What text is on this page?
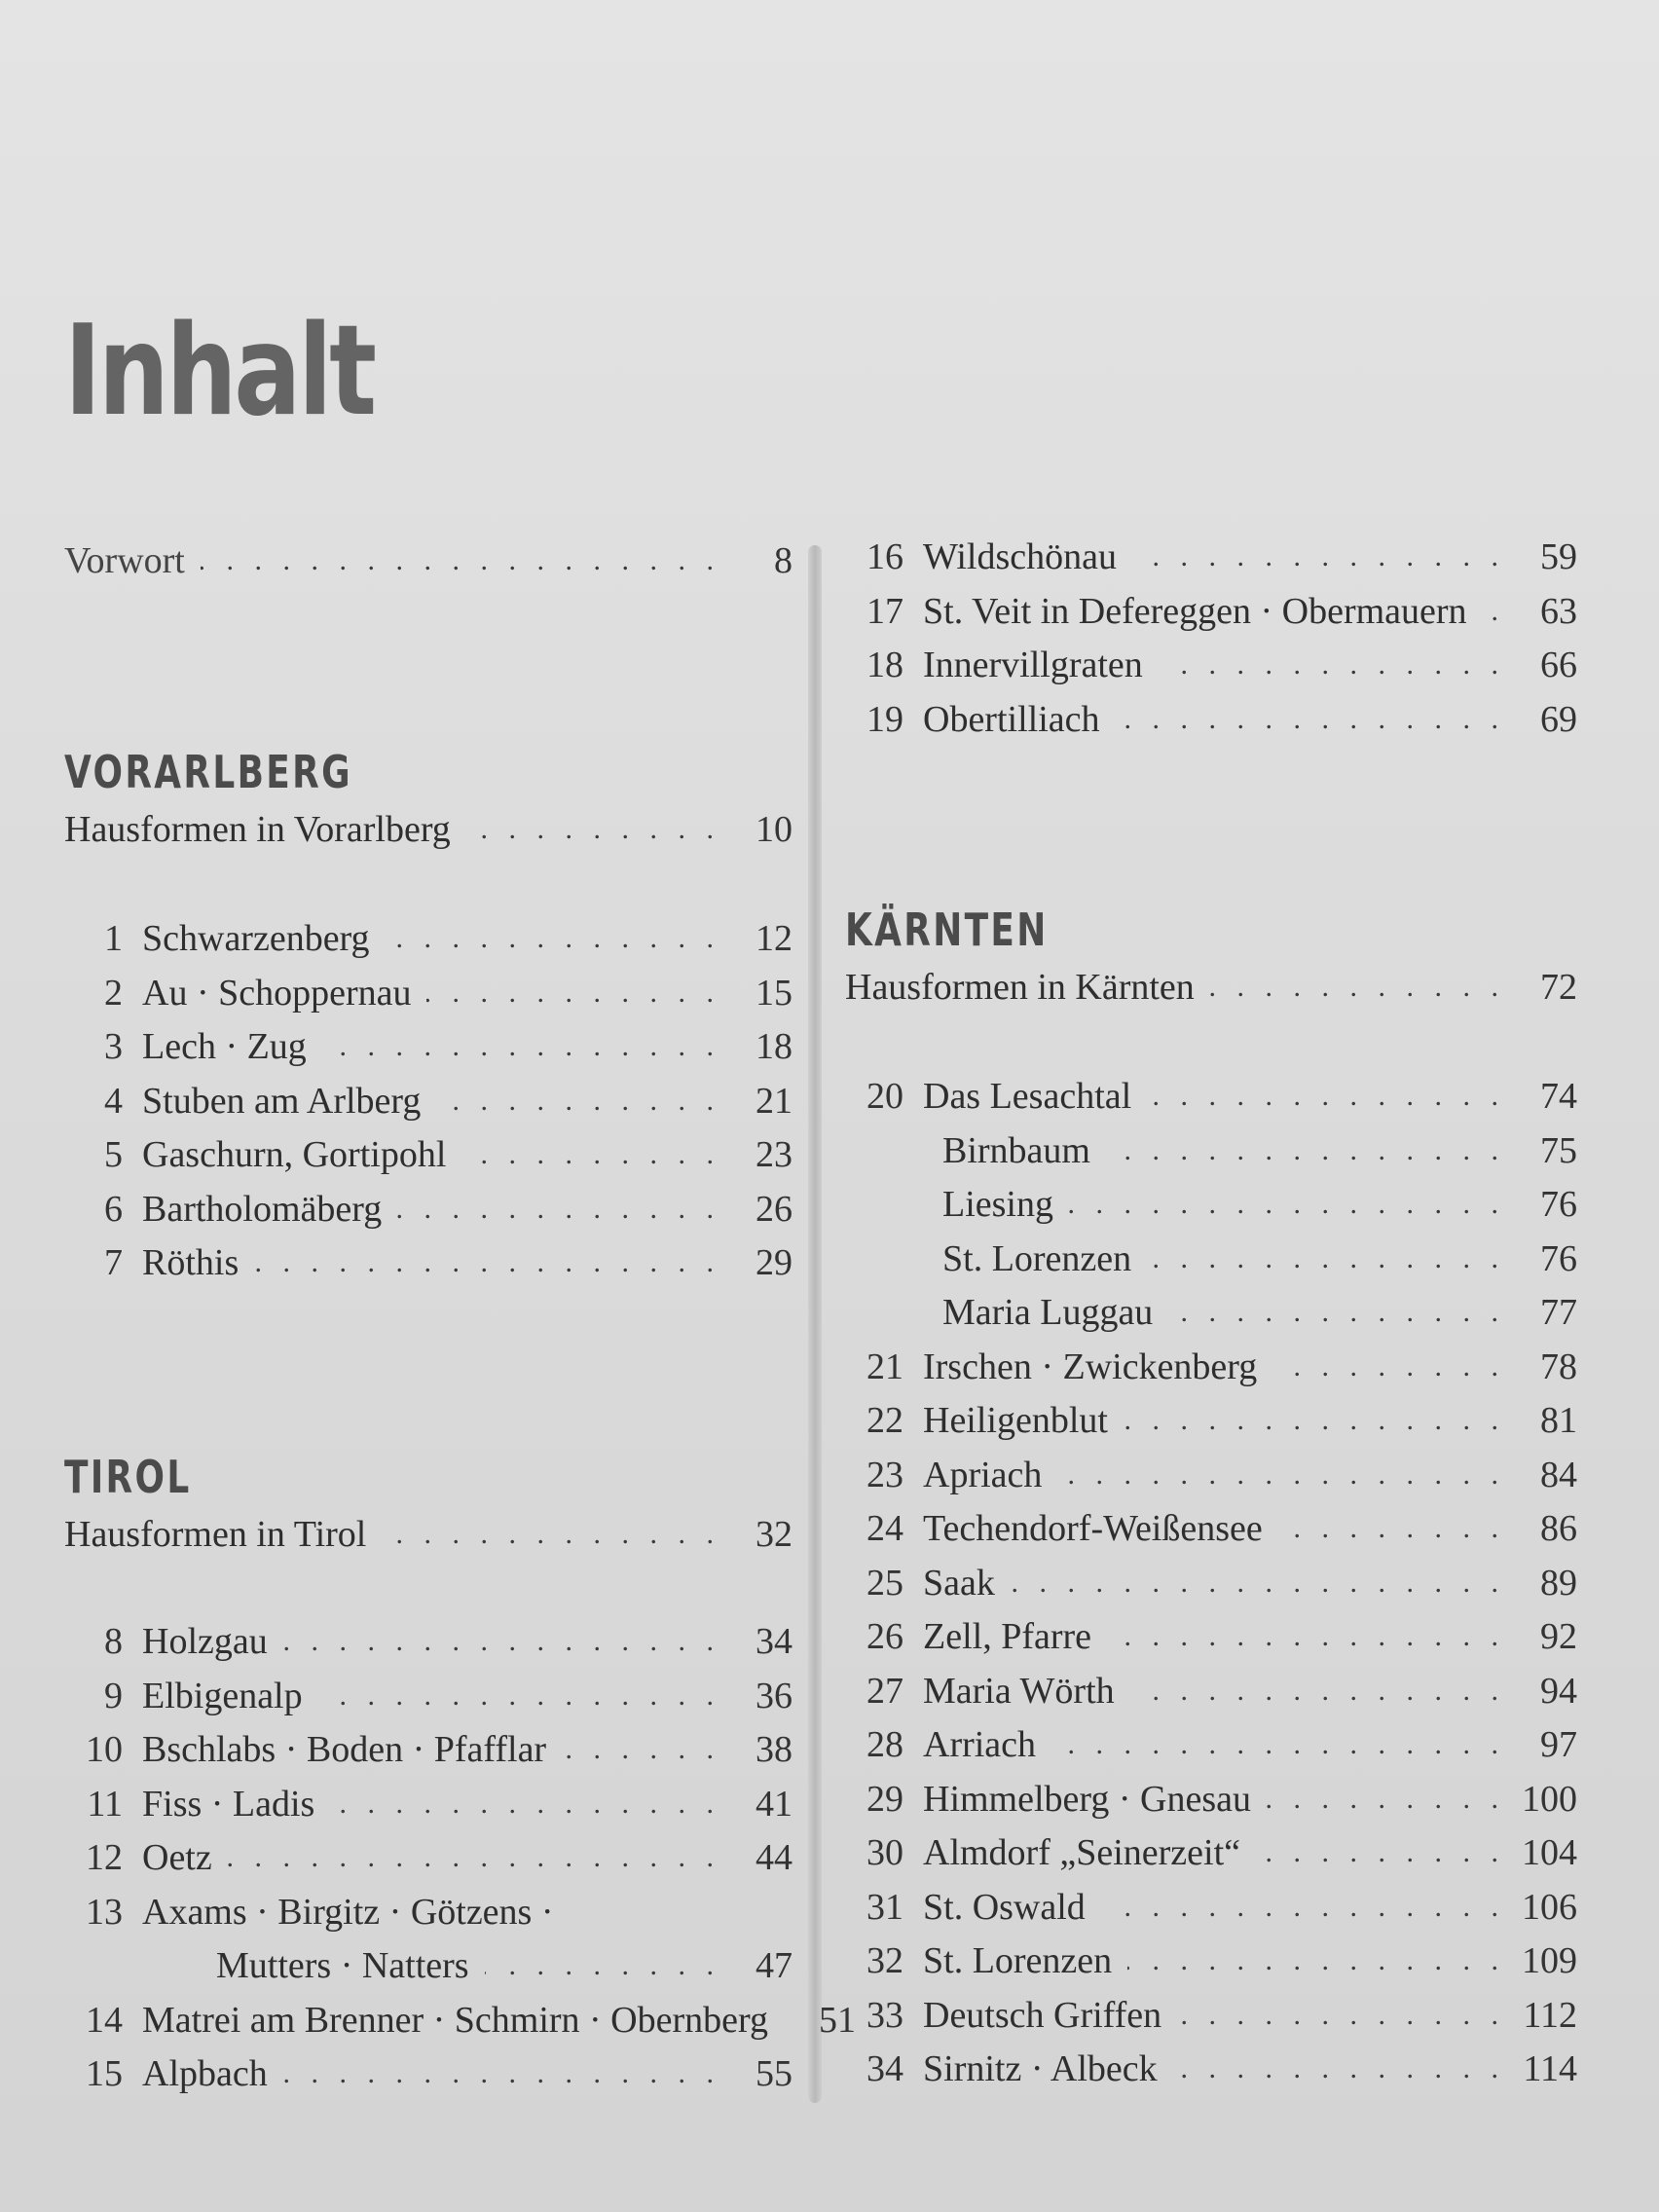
Inhalt
Vorwort . . .	8
VORARLBERG
Hausformen in Vorarlberg . . .	10
1 Schwarzenberg . . .	12
2 Au · Schoppernau . . .	15
3 Lech · Zug . . .	18
4 Stuben am Arlberg . . .	21
5 Gaschurn, Gortipohl . . .	23
6 Bartholomäberg . . .	26
7 Röthis . . .	29
TIROL
Hausformen in Tirol . . .	32
8 Holzgau . . .	34
9 Elbigenalp . . .	36
10 Bschlabs · Boden · Pfafflar . . .	38
11 Fiss · Ladis . . .	41
12 Oetz . . .	44
13 Axams · Birgitz · Götzens ·
Mutters · Natters . . .	47
14 Matrei am Brenner · Schmirn · Obernberg	51
15 Alpbach . . .	55
16 Wildschönau . . .	59
17 St. Veit in Defereggen · Obermauern . . .	63
18 Innervillgraten . . .	66
19 Obertilliach . . .	69
KÄRNTEN
Hausformen in Kärnten . . .	72
20 Das Lesachtal . . .	74
Birnbaum . . .	75
Liesing . . .	76
St. Lorenzen . . .	76
Maria Luggau . . .	77
21 Irschen · Zwickenberg . . .	78
22 Heiligenblut . . .	81
23 Apriach . . .	84
24 Techendorf-Weißensee . . .	86
25 Saak . . .	89
26 Zell, Pfarre . . .	92
27 Maria Wörth . . .	94
28 Arriach . . .	97
29 Himmelberg · Gnesau . . .	100
30 Almdorf „Seinerzeit“ . . .	104
31 St. Oswald . . .	106
32 St. Lorenzen . . .	109
33 Deutsch Griffen . . .	112
34 Sirnitz · Albeck . . .	114
